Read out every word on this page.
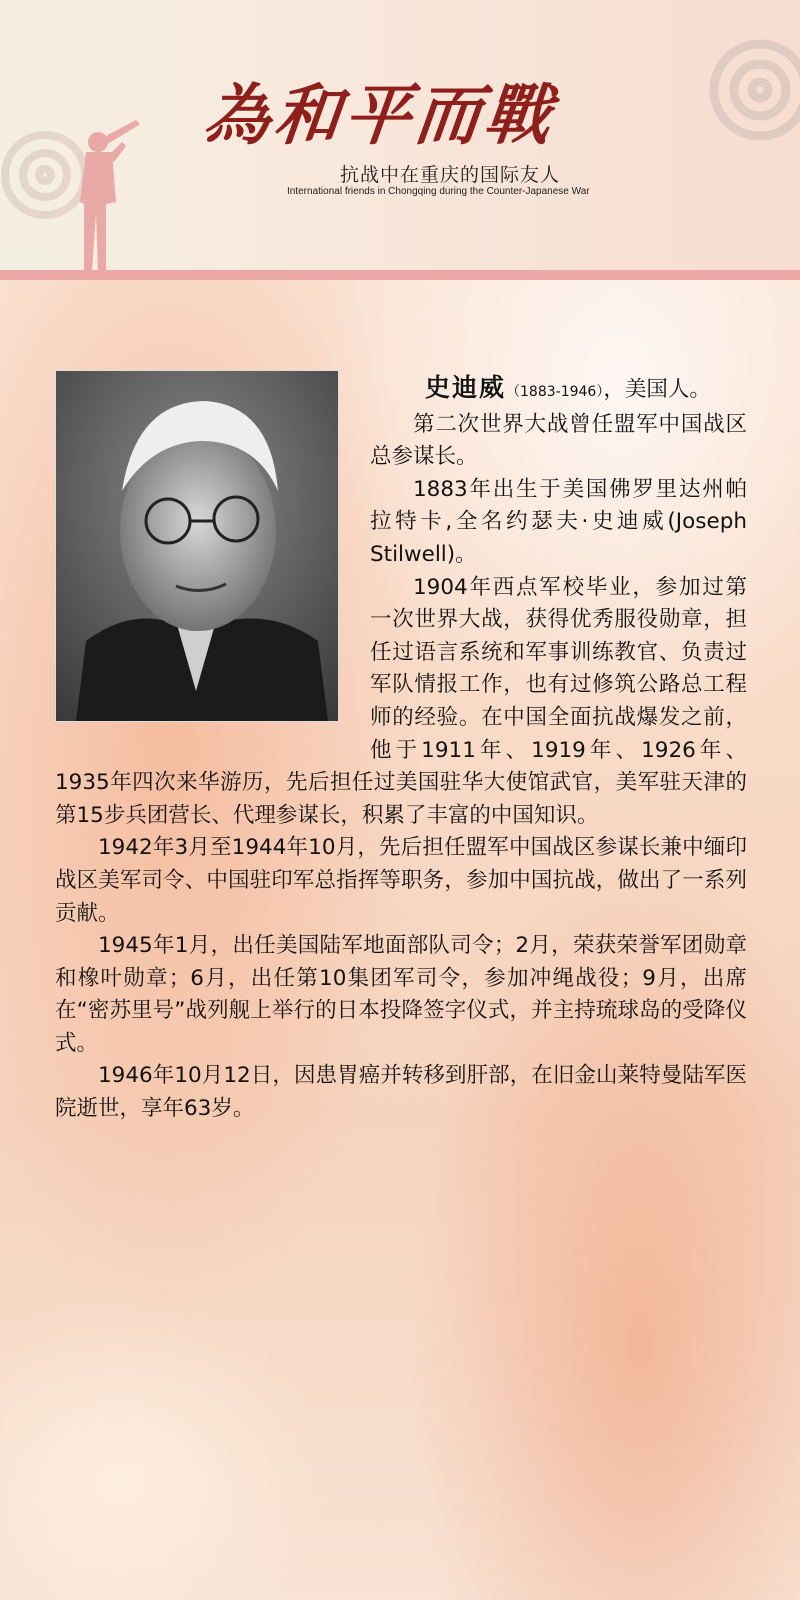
為和平而戰
抗战中在重庆的国际友人
International friends in Chongqing during the Counter-Japanese War

史迪威（1883-1946），美国人。

第二次世界大战曾任盟军中国战区总参谋长。

1883年出生于美国佛罗里达州帕拉特卡,全名约瑟夫·史迪威(Joseph Stilwell)。

1904年西点军校毕业，参加过第一次世界大战，获得优秀服役勋章，担任过语言系统和军事训练教官、负责过军队情报工作，也有过修筑公路总工程师的经验。在中国全面抗战爆发之前，他于1911年、1919年、1926年、1935年四次来华游历，先后担任过美国驻华大使馆武官，美军驻天津的第15步兵团营长、代理参谋长，积累了丰富的中国知识。

1942年3月至1944年10月，先后担任盟军中国战区参谋长兼中缅印战区美军司令、中国驻印军总指挥等职务，参加中国抗战，做出了一系列贡献。

1945年1月，出任美国陆军地面部队司令；2月，荣获荣誉军团勋章和橡叶勋章；6月，出任第10集团军司令，参加冲绳战役；9月，出席在“密苏里号”战列舰上举行的日本投降签字仪式，并主持琉球岛的受降仪式。

1946年10月12日，因患胃癌并转移到肝部，在旧金山莱特曼陆军医院逝世，享年63岁。
